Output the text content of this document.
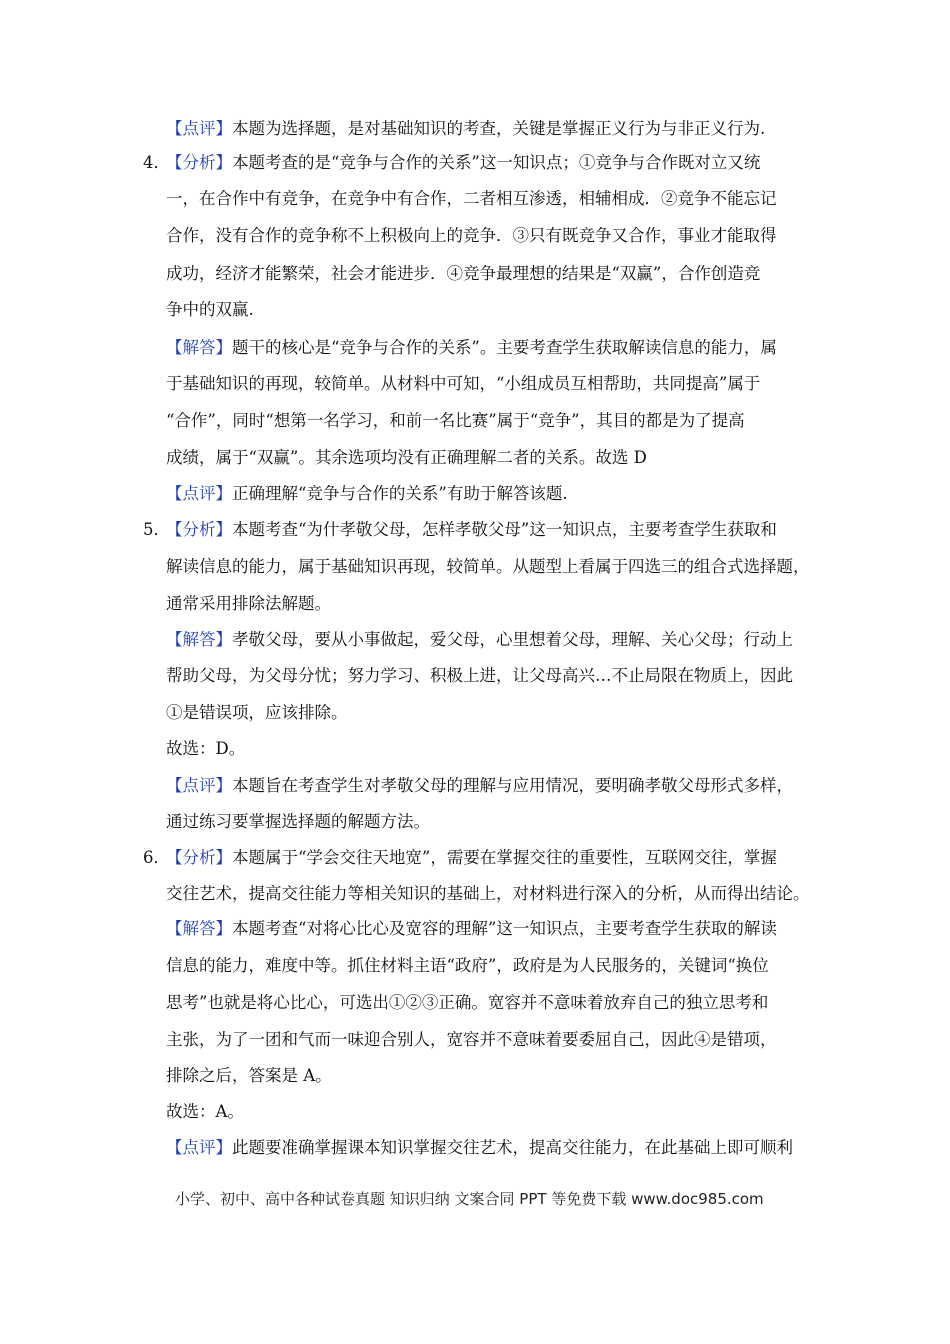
【点评】本题为选择题，是对基础知识的考查，关键是掌握正义行为与非正义行为.
4．
【分析】本题考查的是“竞争与合作的关系”这一知识点；①竞争与合作既对立又统
一，在合作中有竞争，在竞争中有合作，二者相互渗透，相辅相成．②竞争不能忘记
合作，没有合作的竞争称不上积极向上的竞争．③只有既竞争又合作，事业才能取得
成功，经济才能繁荣，社会才能进步．④竞争最理想的结果是“双赢”，合作创造竞
争中的双赢.
【解答】题干的核心是“竞争与合作的关系”。主要考查学生获取解读信息的能力，属
于基础知识的再现，较简单。从材料中可知，“小组成员互相帮助，共同提高”属于
“合作”，同时“想第一名学习，和前一名比赛”属于“竞争”，其目的都是为了提高
成绩，属于“双赢”。其余选项均没有正确理解二者的关系。故选 D
【点评】正确理解“竞争与合作的关系”有助于解答该题.
5．
【分析】本题考查“为什孝敬父母，怎样孝敬父母”这一知识点，主要考查学生获取和
解读信息的能力，属于基础知识再现，较简单。从题型上看属于四选三的组合式选择题，
通常采用排除法解题。
【解答】孝敬父母，要从小事做起，爱父母，心里想着父母，理解、关心父母；行动上
帮助父母，为父母分忧；努力学习、积极上进，让父母高兴…不止局限在物质上，因此
①是错误项，应该排除。
故选：D。
【点评】本题旨在考查学生对孝敬父母的理解与应用情况，要明确孝敬父母形式多样，
通过练习要掌握选择题的解题方法。
6．
【分析】本题属于“学会交往天地宽”，需要在掌握交往的重要性，互联网交往，掌握
交往艺术，提高交往能力等相关知识的基础上，对材料进行深入的分析，从而得出结论。
【解答】本题考查“对将心比心及宽容的理解”这一知识点，主要考查学生获取的解读
信息的能力，难度中等。抓住材料主语“政府”，政府是为人民服务的，关键词“换位
思考”也就是将心比心，可选出①②③正确。宽容并不意味着放弃自己的独立思考和
主张，为了一团和气而一味迎合别人，宽容并不意味着要委屈自己，因此④是错项，
排除之后，答案是 A。
故选：A。
【点评】此题要准确掌握课本知识掌握交往艺术，提高交往能力，在此基础上即可顺利
小学、初中、高中各种试卷真题 知识归纳 文案合同 PPT 等免费下载 www.doc985.com
